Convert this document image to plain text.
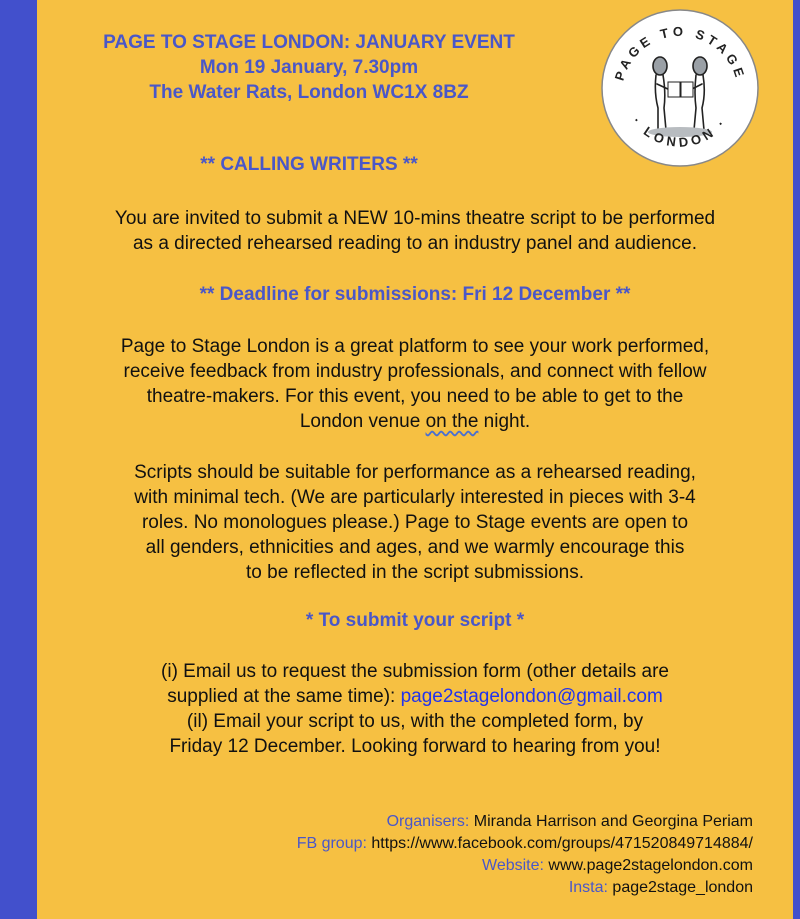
PAGE TO STAGE LONDON: JANUARY EVENT
Mon 19 January, 7.30pm
The Water Rats, London WC1X 8BZ
PAGE TO STAGE
· LONDON ·
** CALLING WRITERS **

You are invited to submit a NEW 10-mins theatre script to be performed
as a directed rehearsed reading to an industry panel and audience.

** Deadline for submissions: Fri 12 December **

Page to Stage London is a great platform to see your work performed,
receive feedback from industry professionals, and connect with fellow
theatre-makers. For this event, you need to be able to get to the
London venue on the night.

Scripts should be suitable for performance as a rehearsed reading,
with minimal tech. (We are particularly interested in pieces with 3-4
roles. No monologues please.) Page to Stage events are open to
all genders, ethnicities and ages, and we warmly encourage this
to be reflected in the script submissions.

* To submit your script *

(i) Email us to request the submission form (other details are
supplied at the same time): page2stagelondon@gmail.com
(il) Email your script to us, with the completed form, by
Friday 12 December. Looking forward to hearing from you!

Organisers: Miranda Harrison and Georgina Periam
FB group: https://www.facebook.com/groups/471520849714884/
Website: www.page2stagelondon.com
Insta: page2stage_london
